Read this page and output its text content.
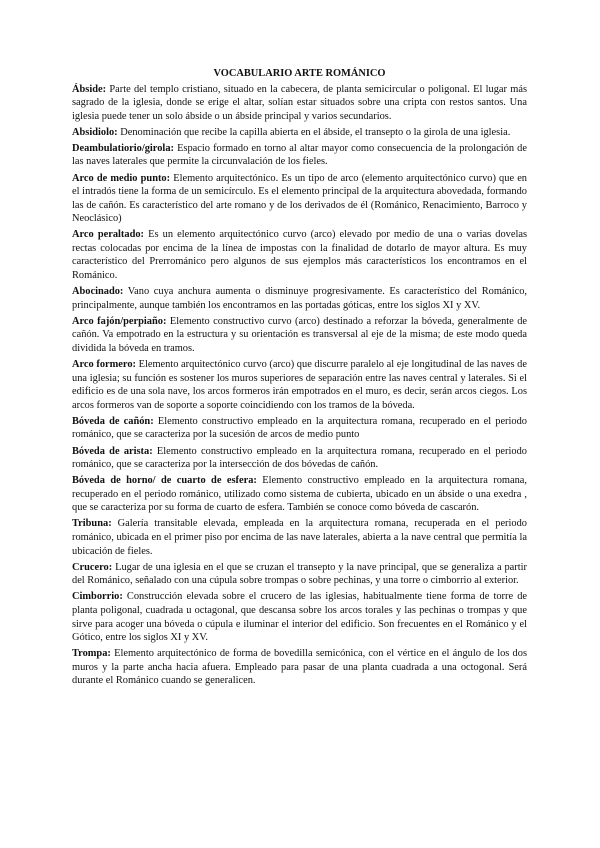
VOCABULARIO ARTE ROMÁNICO

Ábside: Parte del templo cristiano, situado en la cabecera, de planta semicircular o poligonal. El lugar más sagrado de la iglesia, donde se erige el altar, solían estar situados sobre una cripta con restos santos. Una iglesia puede tener un solo ábside o un ábside principal y varios secundarios.

Absidiolo: Denominación que recibe la capilla abierta en el ábside, el transepto o la girola de una iglesia.

Deambulatiorio/girola: Espacio formado en torno al altar mayor como consecuencia de la prolongación de las naves laterales que permite la circunvalación de los fieles.

Arco de medio punto: Elemento arquitectónico. Es un tipo de arco (elemento arquitectónico curvo) que en el intradós tiene la forma de un semicírculo. Es el elemento principal de la arquitectura abovedada, formando las de cañón. Es característico del arte romano y de los derivados de él (Románico, Renacimiento, Barroco y Neoclásico)

Arco peraltado: Es un elemento arquitectónico curvo (arco) elevado por medio de una o varias dovelas rectas colocadas por encima de la línea de impostas con la finalidad de dotarlo de mayor altura. Es muy característico del Prerrománico pero algunos de sus ejemplos más característicos los encontramos en el Románico.

Abocinado: Vano cuya anchura aumenta o disminuye progresivamente. Es característico del Románico, principalmente, aunque también los encontramos en las portadas góticas, entre los siglos XI y XV.

Arco fajón/perpiaño: Elemento constructivo curvo (arco) destinado a reforzar la bóveda, generalmente de cañón. Va empotrado en la estructura y su orientación es transversal al eje de la misma; de este modo queda dividida la bóveda en tramos.

Arco formero: Elemento arquitectónico curvo (arco) que discurre paralelo al eje longitudinal de las naves de una iglesia; su función es sostener los muros superiores de separación entre las naves central y laterales. Si el edificio es de una sola nave, los arcos formeros irán empotrados en el muro, es decir, serán arcos ciegos. Los arcos formeros van de soporte a soporte coincidiendo con los tramos de la bóveda.

Bóveda de cañón: Elemento constructivo empleado en la arquitectura romana, recuperado en el periodo románico, que se caracteriza por la sucesión de arcos de medio punto

Bóveda de arista: Elemento constructivo empleado en la arquitectura romana, recuperado en el periodo románico, que se caracteriza por la intersección de dos bóvedas de cañón.

Bóveda de horno/ de cuarto de esfera: Elemento constructivo empleado en la arquitectura romana, recuperado en el periodo románico, utilizado como sistema de cubierta, ubicado en un ábside o una exedra , que se caracteriza por su forma de cuarto de esfera. También se conoce como bóveda de cascarón.

Tribuna: Galería transitable elevada, empleada en la arquitectura romana, recuperada en el periodo románico, ubicada en el primer piso por encima de las nave laterales, abierta a la nave central que permitía la ubicación de fieles.

Crucero: Lugar de una iglesia en el que se cruzan el transepto y la nave principal, que se generaliza a partir del Románico, señalado con una cúpula sobre trompas o sobre pechinas, y una torre o cimborrio al exterior.

Cimborrio: Construcción elevada sobre el crucero de las iglesias, habitualmente tiene forma de torre de planta poligonal, cuadrada u octagonal, que descansa sobre los arcos torales y las pechinas o trompas y que sirve para acoger una bóveda o cúpula e iluminar el interior del edificio. Son frecuentes en el Románico y el Gótico, entre los siglos XI y XV.

Trompa: Elemento arquitectónico de forma de bovedilla semicónica, con el vértice en el ángulo de los dos muros y la parte ancha hacia afuera. Empleado para pasar de una planta cuadrada a una octogonal. Será durante el Románico cuando se generalicen.
